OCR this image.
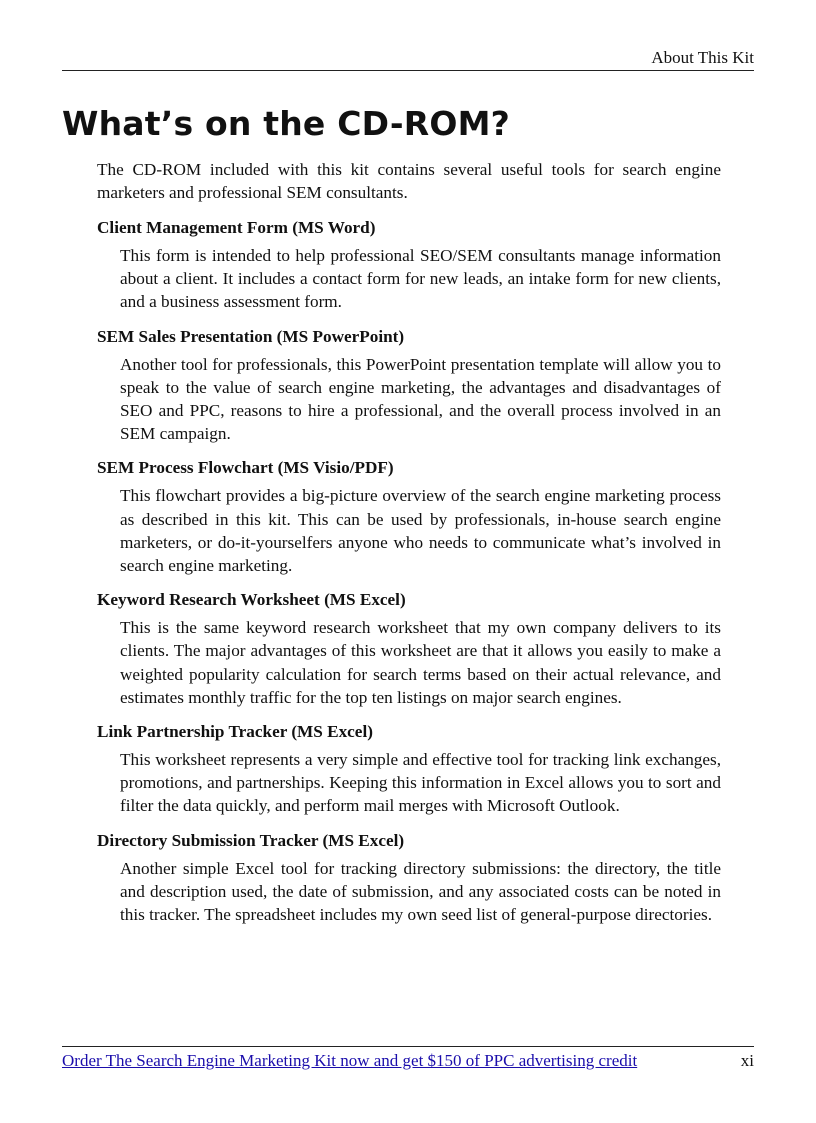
About This Kit
What’s on the CD-ROM?

The CD-ROM included with this kit contains several useful tools for search engine marketers and professional SEM consultants.

Client Management Form (MS Word)

This form is intended to help professional SEO/SEM consultants manage information about a client. It includes a contact form for new leads, an intake form for new clients, and a business assessment form.

SEM Sales Presentation (MS PowerPoint)

Another tool for professionals, this PowerPoint presentation template will allow you to speak to the value of search engine marketing, the advantages and disadvantages of SEO and PPC, reasons to hire a professional, and the overall process involved in an SEM campaign.

SEM Process Flowchart (MS Visio/PDF)

This flowchart provides a big-picture overview of the search engine marketing process as described in this kit. This can be used by professionals, in-house search engine marketers, or do-it-yourselfers anyone who needs to communicate what’s involved in search engine marketing.

Keyword Research Worksheet (MS Excel)

This is the same keyword research worksheet that my own company delivers to its clients. The major advantages of this worksheet are that it allows you easily to make a weighted popularity calculation for search terms based on their actual relevance, and estimates monthly traffic for the top ten listings on major search engines.

Link Partnership Tracker (MS Excel)

This worksheet represents a very simple and effective tool for tracking link exchanges, promotions, and partnerships. Keeping this information in Excel allows you to sort and filter the data quickly, and perform mail merges with Microsoft Outlook.

Directory Submission Tracker (MS Excel)

Another simple Excel tool for tracking directory submissions: the directory, the title and description used, the date of submission, and any associated costs can be noted in this tracker. The spreadsheet includes my own seed list of general-purpose directories.

Order The Search Engine Marketing Kit now and get $150 of PPC advertising credit	xi
